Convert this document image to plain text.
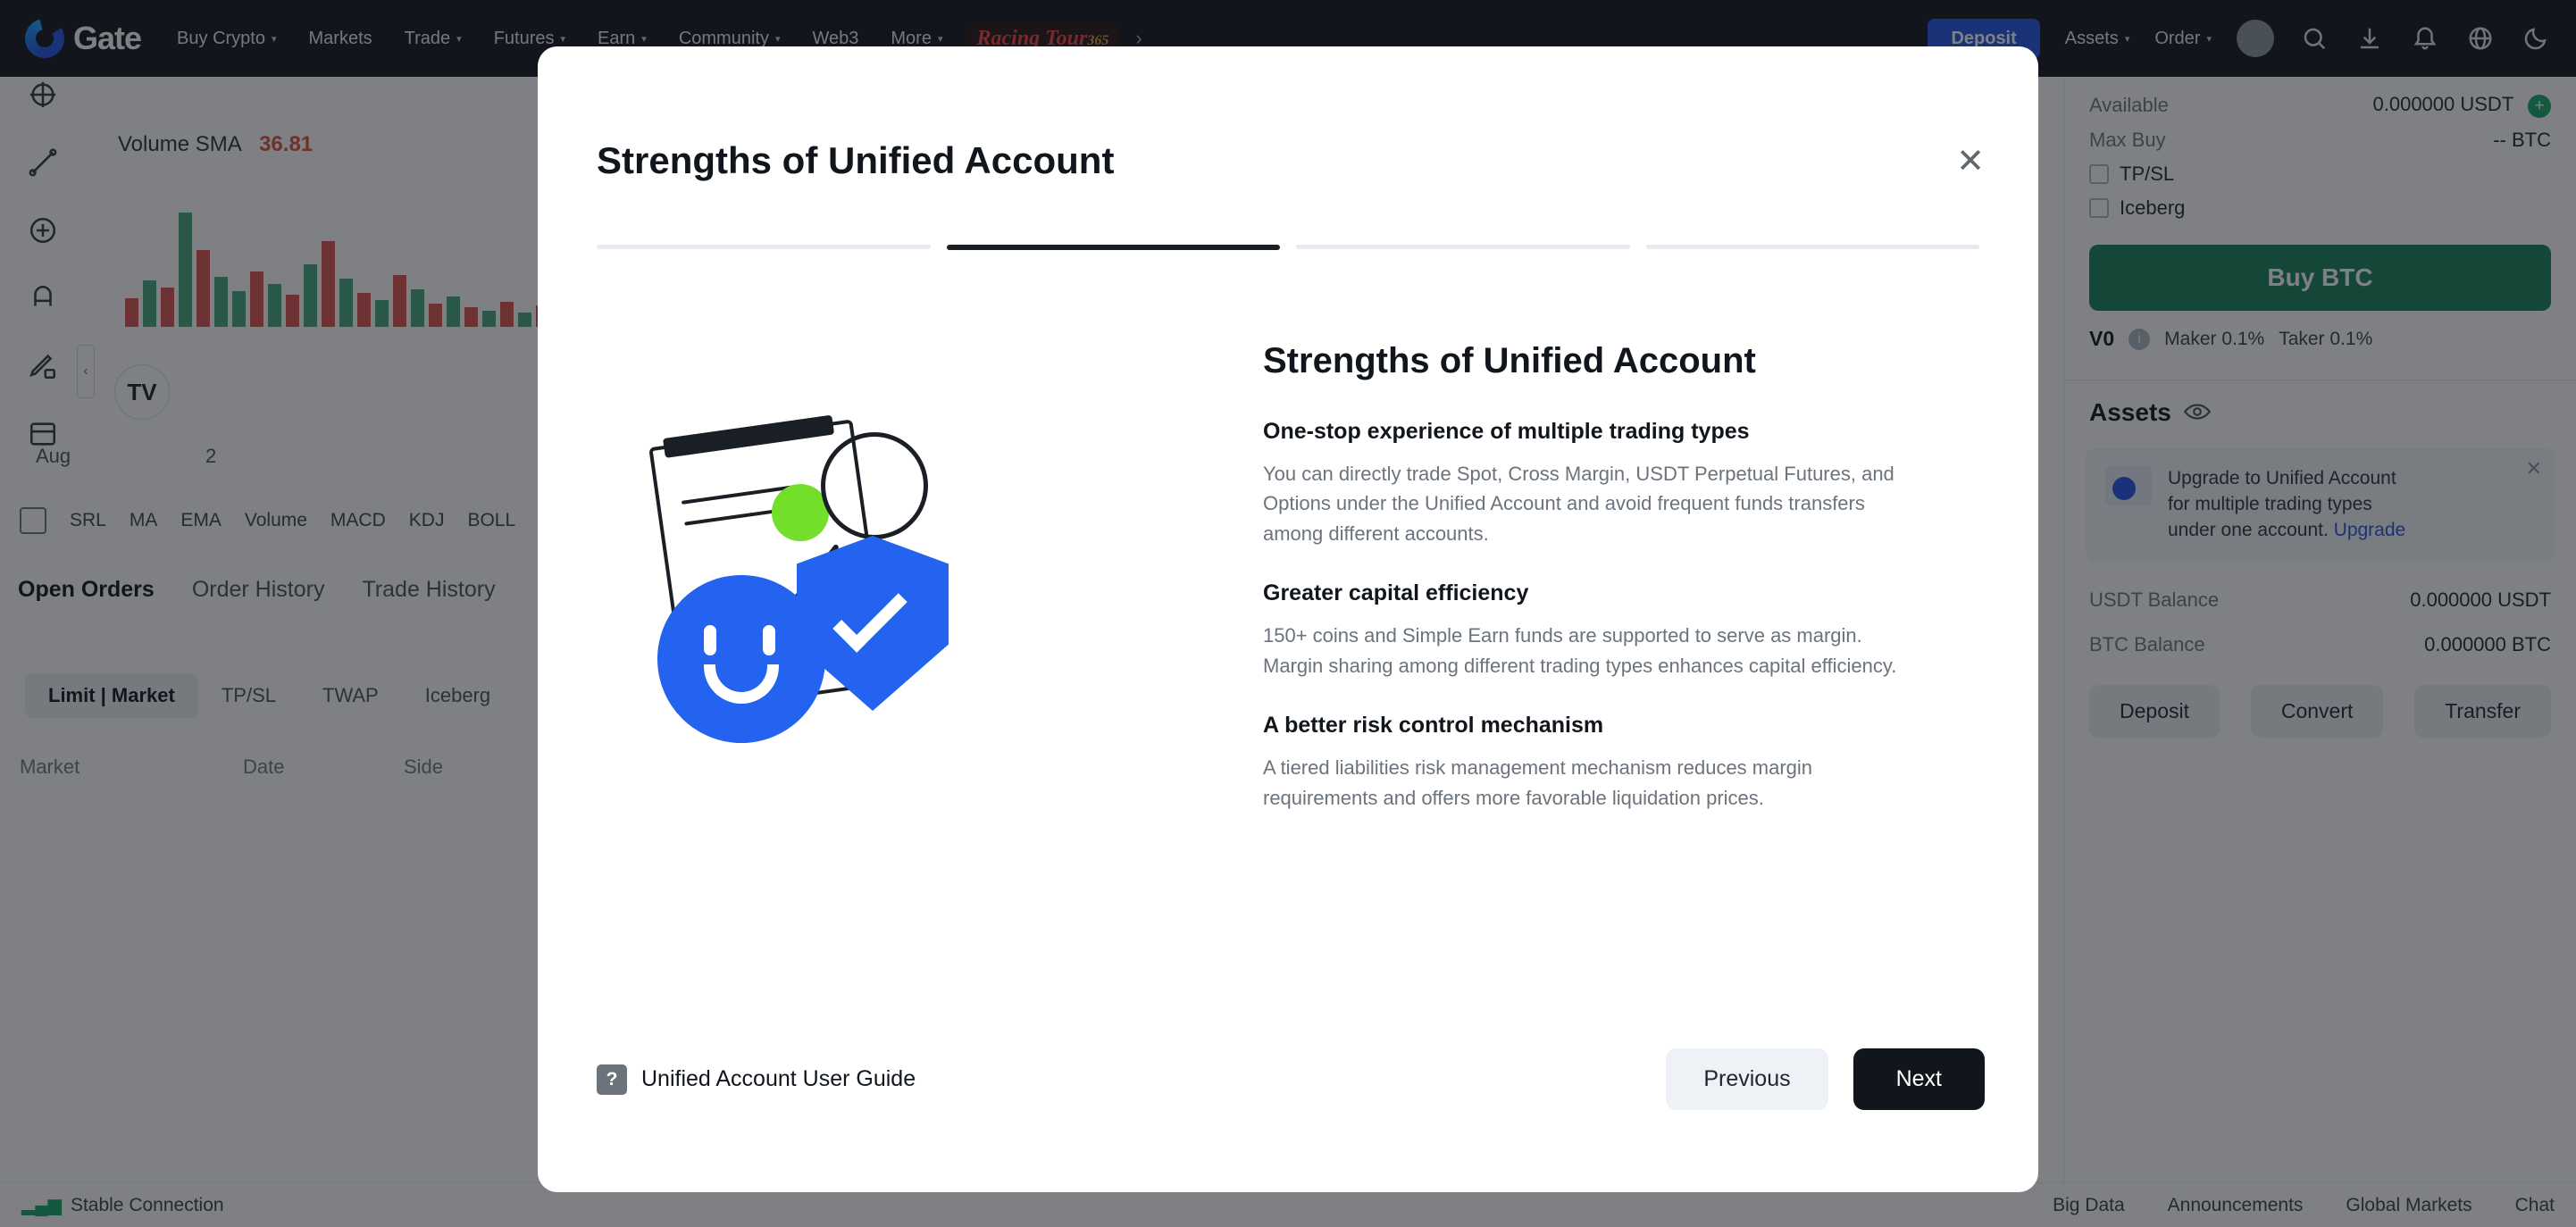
Strengths of Unified Account	✕
Strengths of Unified Account
One-stop experience of multiple trading types

You can directly trade Spot, Cross Margin, USDT Perpetual Futures, and Options under the Unified Account and avoid frequent funds transfers among different accounts.

Greater capital efficiency

150+ coins and Simple Earn funds are supported to serve as margin. Margin sharing among different trading types enhances capital efficiency.

A better risk control mechanism

A tiered liabilities risk management mechanism reduces margin requirements and offers more favorable liquidation prices.

?	Unified Account User Guide	Previous	Next
